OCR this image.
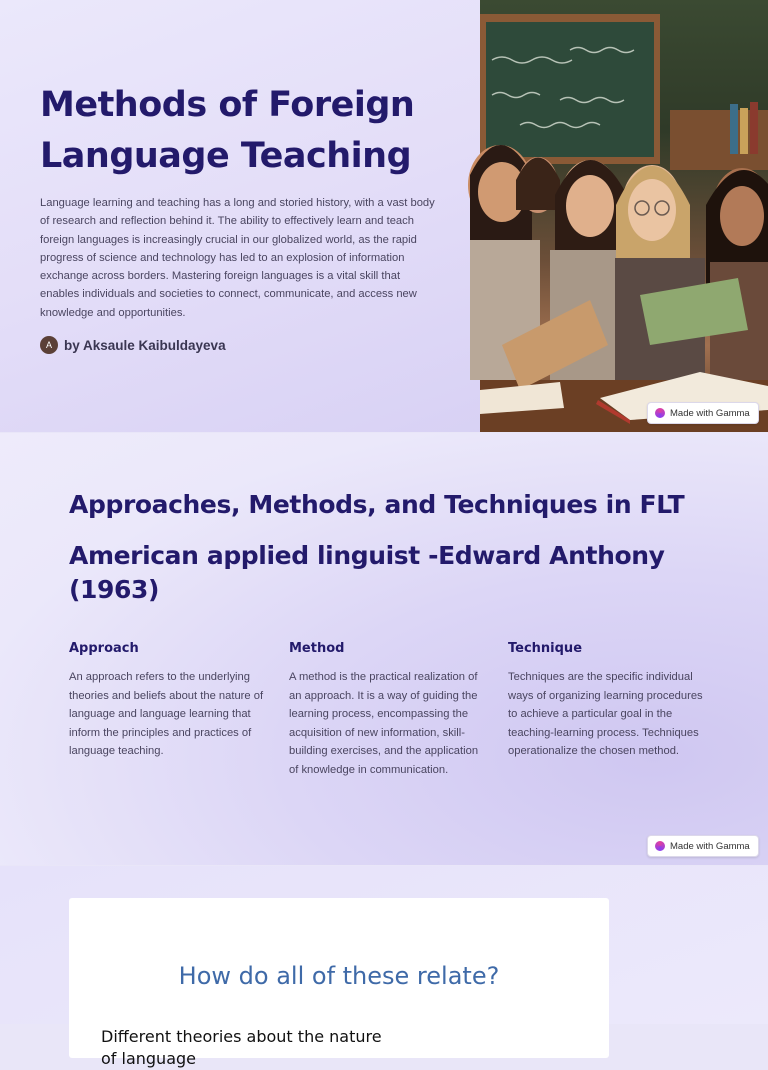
Methods of Foreign Language Teaching

Language learning and teaching has a long and storied history, with a vast body of research and reflection behind it. The ability to effectively learn and teach foreign languages is increasingly crucial in our globalized world, as the rapid progress of science and technology has led to an explosion of information exchange across borders. Mastering foreign languages is a vital skill that enables individuals and societies to connect, communicate, and access new knowledge and opportunities.

A by Aksaule Kaibuldayeva
Made with Gamma
Approaches, Methods, and Techniques in FLT
American applied linguist -Edward Anthony (1963)
Approach

An approach refers to the underlying theories and beliefs about the nature of language and language learning that inform the principles and practices of language teaching.

Method

A method is the practical realization of an approach. It is a way of guiding the learning process, encompassing the acquisition of new information, skill-building exercises, and the application of knowledge in communication.

Technique

Techniques are the specific individual ways of organizing learning procedures to achieve a particular goal in the teaching-learning process. Techniques operationalize the chosen method.

Made with Gamma
How do all of these relate?
Different theories about the nature of language
